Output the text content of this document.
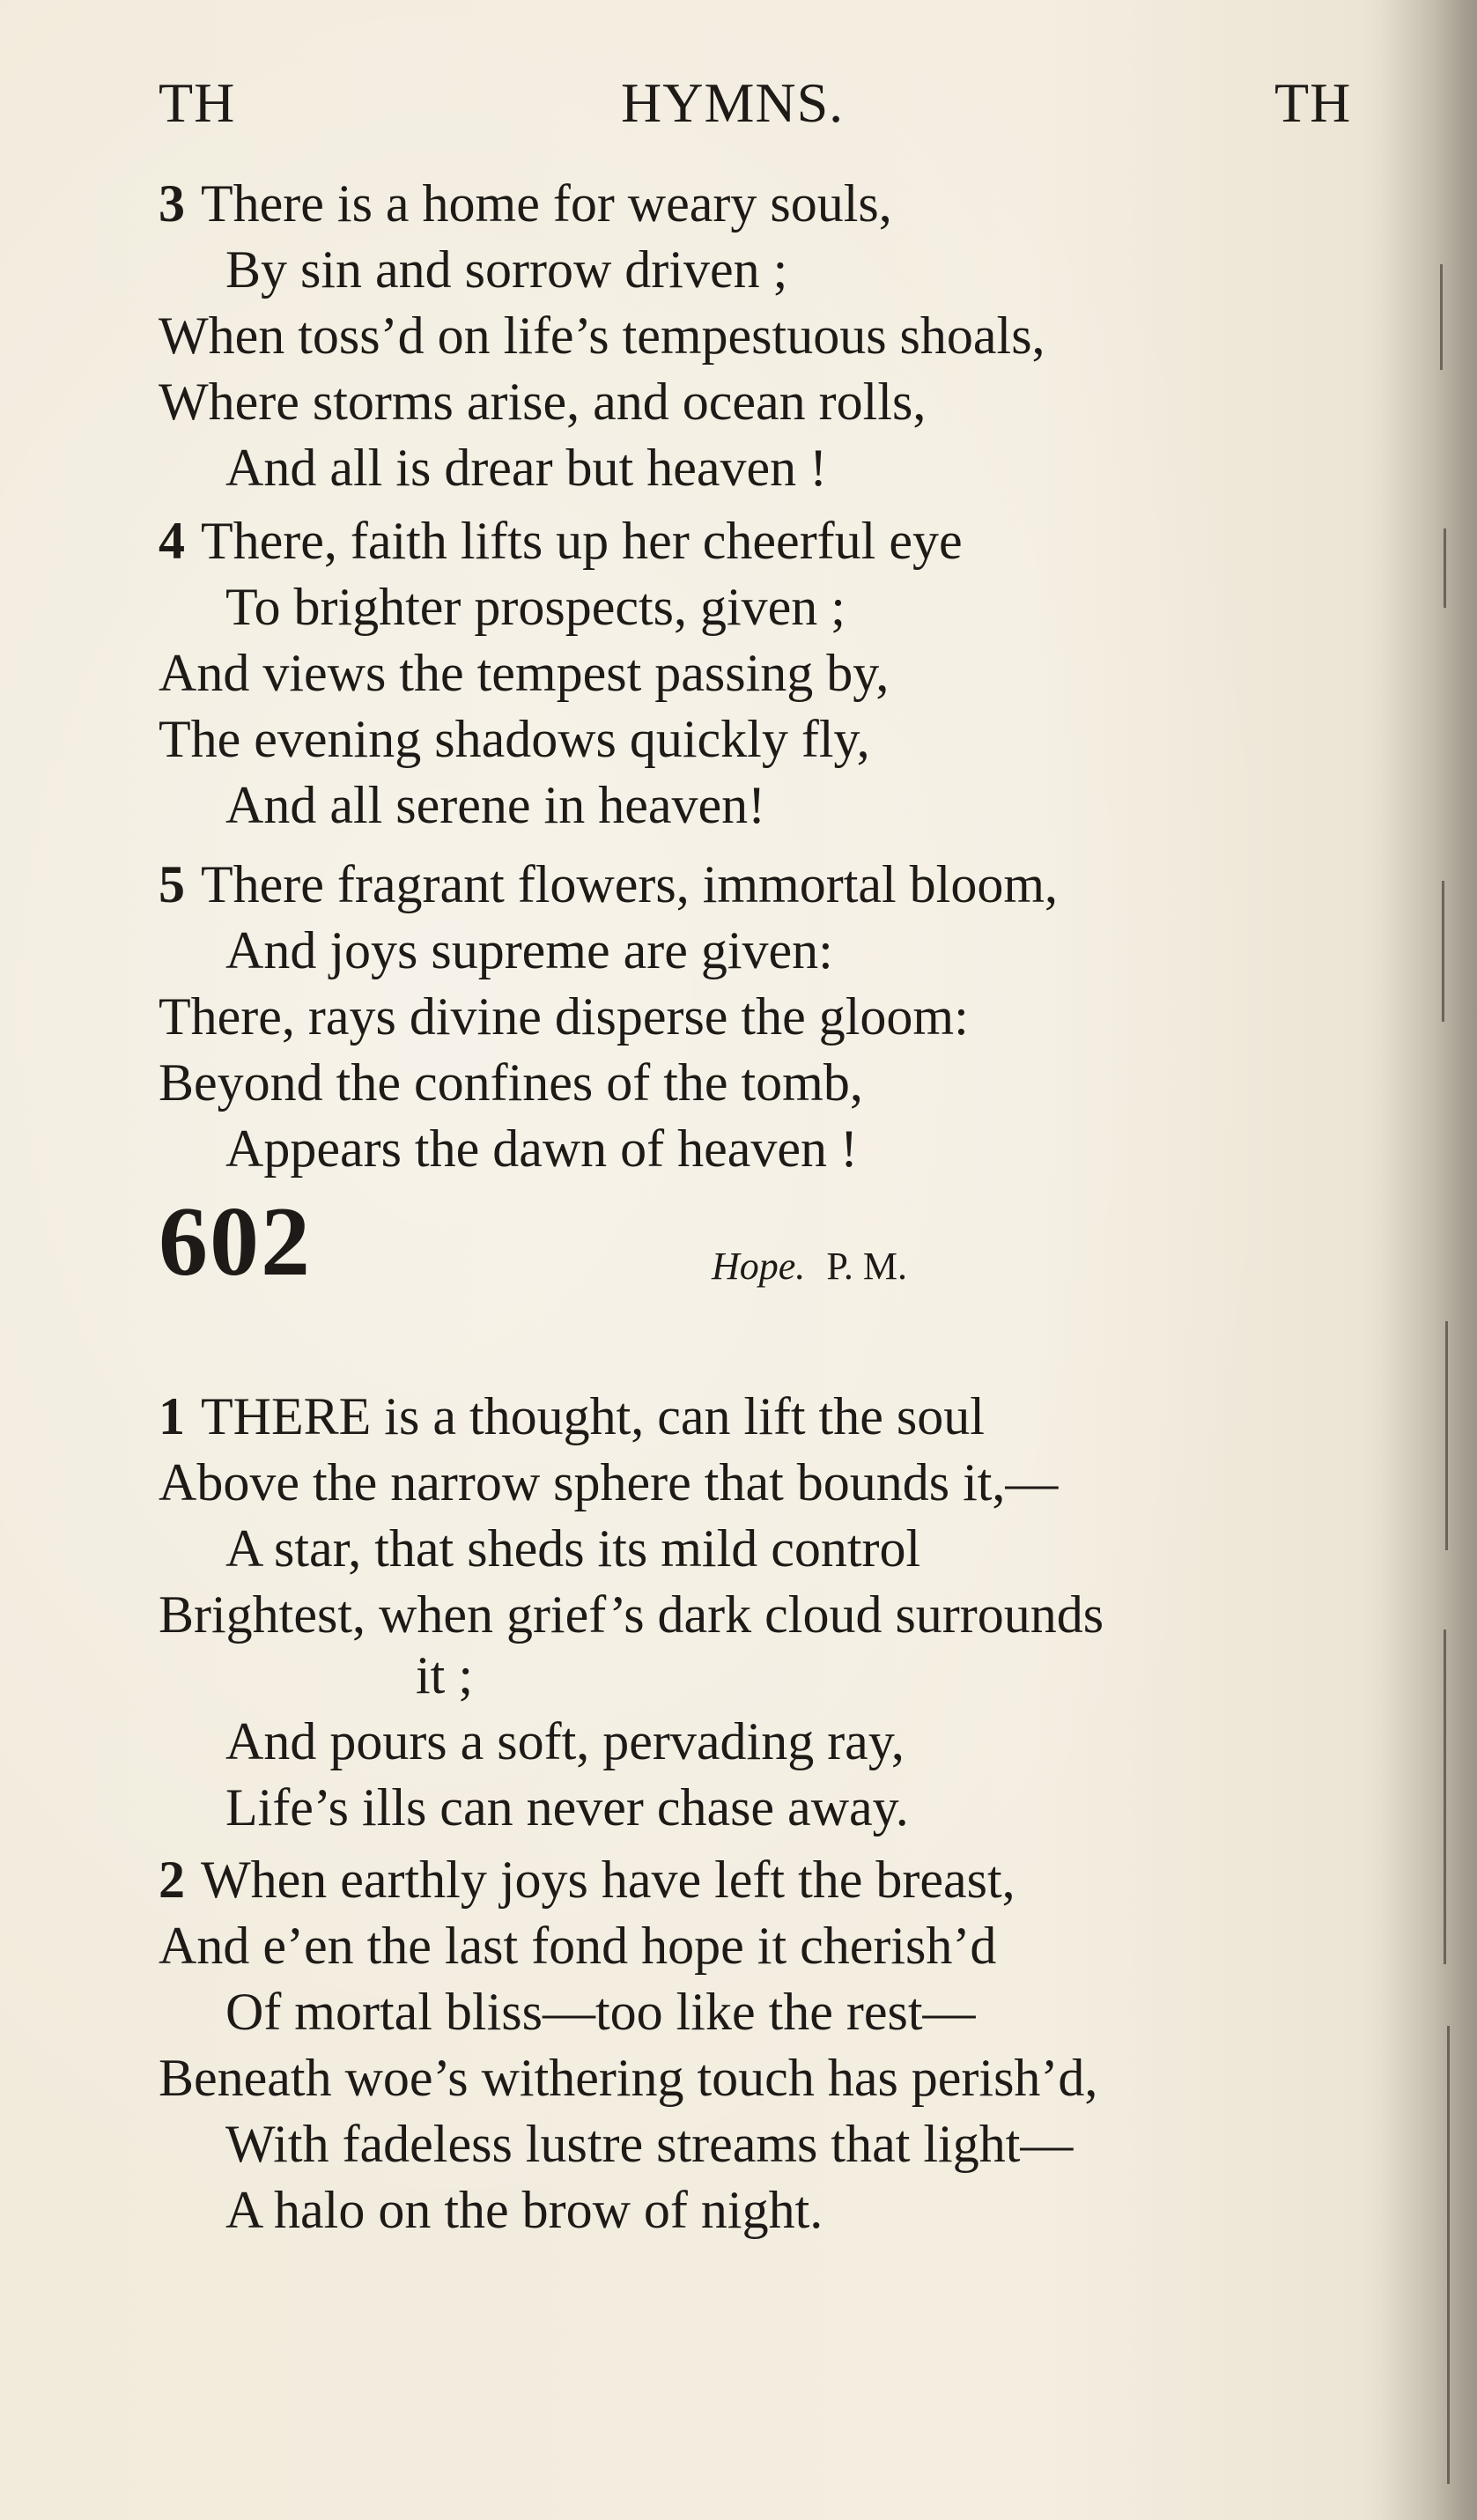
TH	HYMNS.	TH
3 There is a home for weary souls,
By sin and sorrow driven ;
When toss’d on life’s tempestuous shoals,
Where storms arise, and ocean rolls,
And all is drear but heaven !
4 There, faith lifts up her cheerful eye
To brighter prospects, given ;
And views the tempest passing by,
The evening shadows quickly fly,
And all serene in heaven!
5 There fragrant flowers, immortal bloom,
And joys supreme are given:
There, rays divine disperse the gloom:
Beyond the confines of the tomb,
Appears the dawn of heaven !
602	Hope. P. M.
1 THERE is a thought, can lift the soul
Above the narrow sphere that bounds it,—
A star, that sheds its mild control
Brightest, when grief’s dark cloud surrounds
it ;
And pours a soft, pervading ray,
Life’s ills can never chase away.
2 When earthly joys have left the breast,
And e’en the last fond hope it cherish’d
Of mortal bliss—too like the rest—
Beneath woe’s withering touch has perish’d,
With fadeless lustre streams that light—
A halo on the brow of night.
